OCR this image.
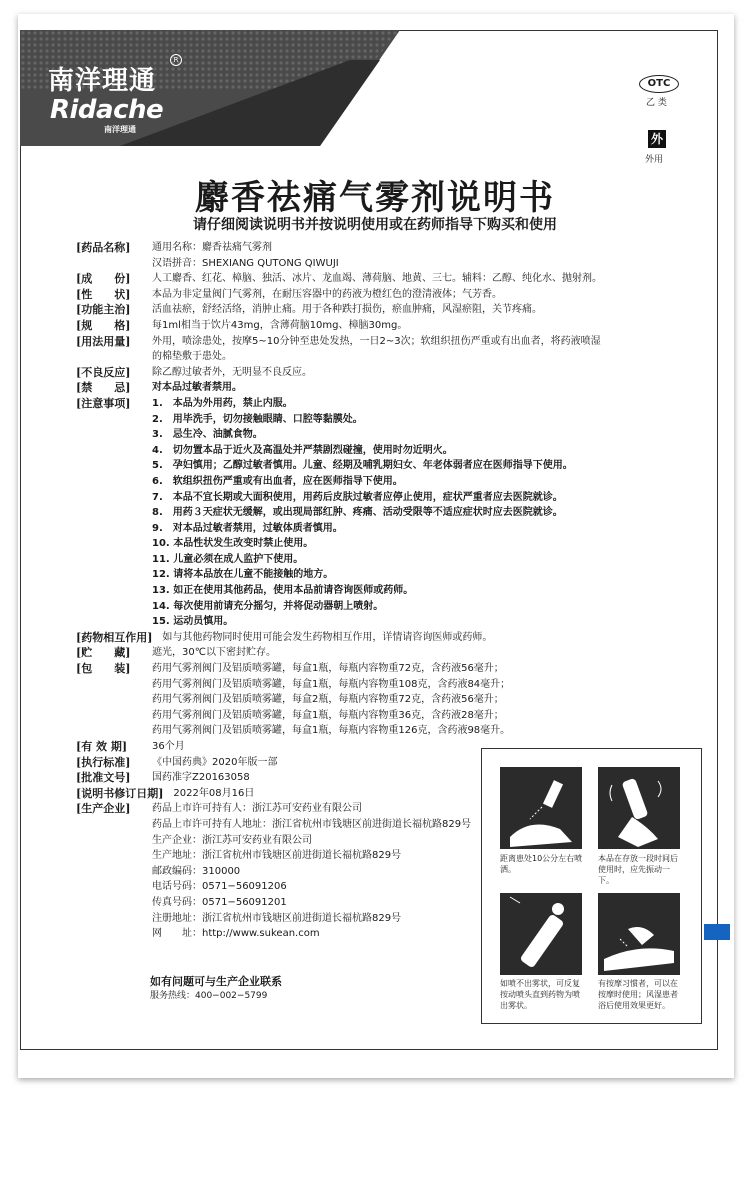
南洋理通
R
Ridache
南洋理通
OTC
乙 类
外
外用
麝香祛痛气雾剂说明书
请仔细阅读说明书并按说明使用或在药师指导下购买和使用
[药品名称]	通用名称：麝香祛痛气雾剂
汉语拼音：SHEXIANG QUTONG QIWUJI
[成　　份]	人工麝香、红花、樟脑、独活、冰片、龙血竭、薄荷脑、地黄、三七。辅料：乙醇、纯化水、抛射剂。
[性　　状]	本品为非定量阀门气雾剂，在耐压容器中的药液为橙红色的澄清液体；气芳香。
[功能主治]	活血祛瘀，舒经活络，消肿止痛。用于各种跌打损伤，瘀血肿痛，风湿瘀阻，关节疼痛。
[规　　格]	每1ml相当于饮片43mg，含薄荷脑10mg、樟脑30mg。
[用法用量]	外用，喷涂患处，按摩5~10分钟至患处发热，一日2~3次；软组织扭伤严重或有出血者，将药液喷湿
的棉垫敷于患处。
[不良反应]	除乙醇过敏者外，无明显不良反应。
[禁　　忌]	对本品过敏者禁用。
[注意事项]	1.　本品为外用药，禁止内服。
2.　用毕洗手，切勿接触眼睛、口腔等黏膜处。
3.　忌生冷、油腻食物。
4.　切勿置本品于近火及高温处并严禁剧烈碰撞，使用时勿近明火。
5.　孕妇慎用；乙醇过敏者慎用。儿童、经期及哺乳期妇女、年老体弱者应在医师指导下使用。
6.　软组织扭伤严重或有出血者，应在医师指导下使用。
7.　本品不宜长期或大面积使用，用药后皮肤过敏者应停止使用，症状严重者应去医院就诊。
8.　用药３天症状无缓解，或出现局部红肿、疼痛、活动受限等不适应症状时应去医院就诊。
9.　对本品过敏者禁用，过敏体质者慎用。
10. 本品性状发生改变时禁止使用。
11. 儿童必须在成人监护下使用。
12. 请将本品放在儿童不能接触的地方。
13. 如正在使用其他药品，使用本品前请咨询医师或药师。
14. 每次使用前请充分摇匀，并将促动器朝上喷射。
15. 运动员慎用。
[药物相互作用] 　如与其他药物同时使用可能会发生药物相互作用，详情请咨询医师或药师。
[贮　　藏]	遮光，30℃以下密封贮存。
[包　　装]	药用气雾剂阀门及铝质喷雾罐，每盒1瓶，每瓶内容物重72克，含药液56毫升；
药用气雾剂阀门及铝质喷雾罐，每盒1瓶，每瓶内容物重108克，含药液84毫升；
药用气雾剂阀门及铝质喷雾罐，每盒2瓶，每瓶内容物重72克，含药液56毫升；
药用气雾剂阀门及铝质喷雾罐，每盒1瓶，每瓶内容物重36克，含药液28毫升；
药用气雾剂阀门及铝质喷雾罐，每盒1瓶，每瓶内容物重126克，含药液98毫升。
[有 效 期]	36个月
[执行标准]	《中国药典》2020年版一部
[批准文号]	国药准字Z20163058
[说明书修订日期] 　2022年08月16日
[生产企业]	药品上市许可持有人：浙江苏可安药业有限公司
药品上市许可持有人地址：浙江省杭州市钱塘区前进街道长福杭路829号
生产企业：浙江苏可安药业有限公司
生产地址：浙江省杭州市钱塘区前进街道长福杭路829号
邮政编码：310000
电话号码：0571−56091206
传真号码：0571−56091201
注册地址：浙江省杭州市钱塘区前进街道长福杭路829号
网　　址：http://www.sukean.com
如有问题可与生产企业联系
服务热线：400−002−5799
距离患处10公分左右喷洒。
本品在存放一段时间后使用时，应先振动一下。
如喷不出雾状，可反复按动喷头直到药物为喷出雾状。
有按摩习惯者，可以在按摩时使用；风湿患者浴后使用效果更好。
